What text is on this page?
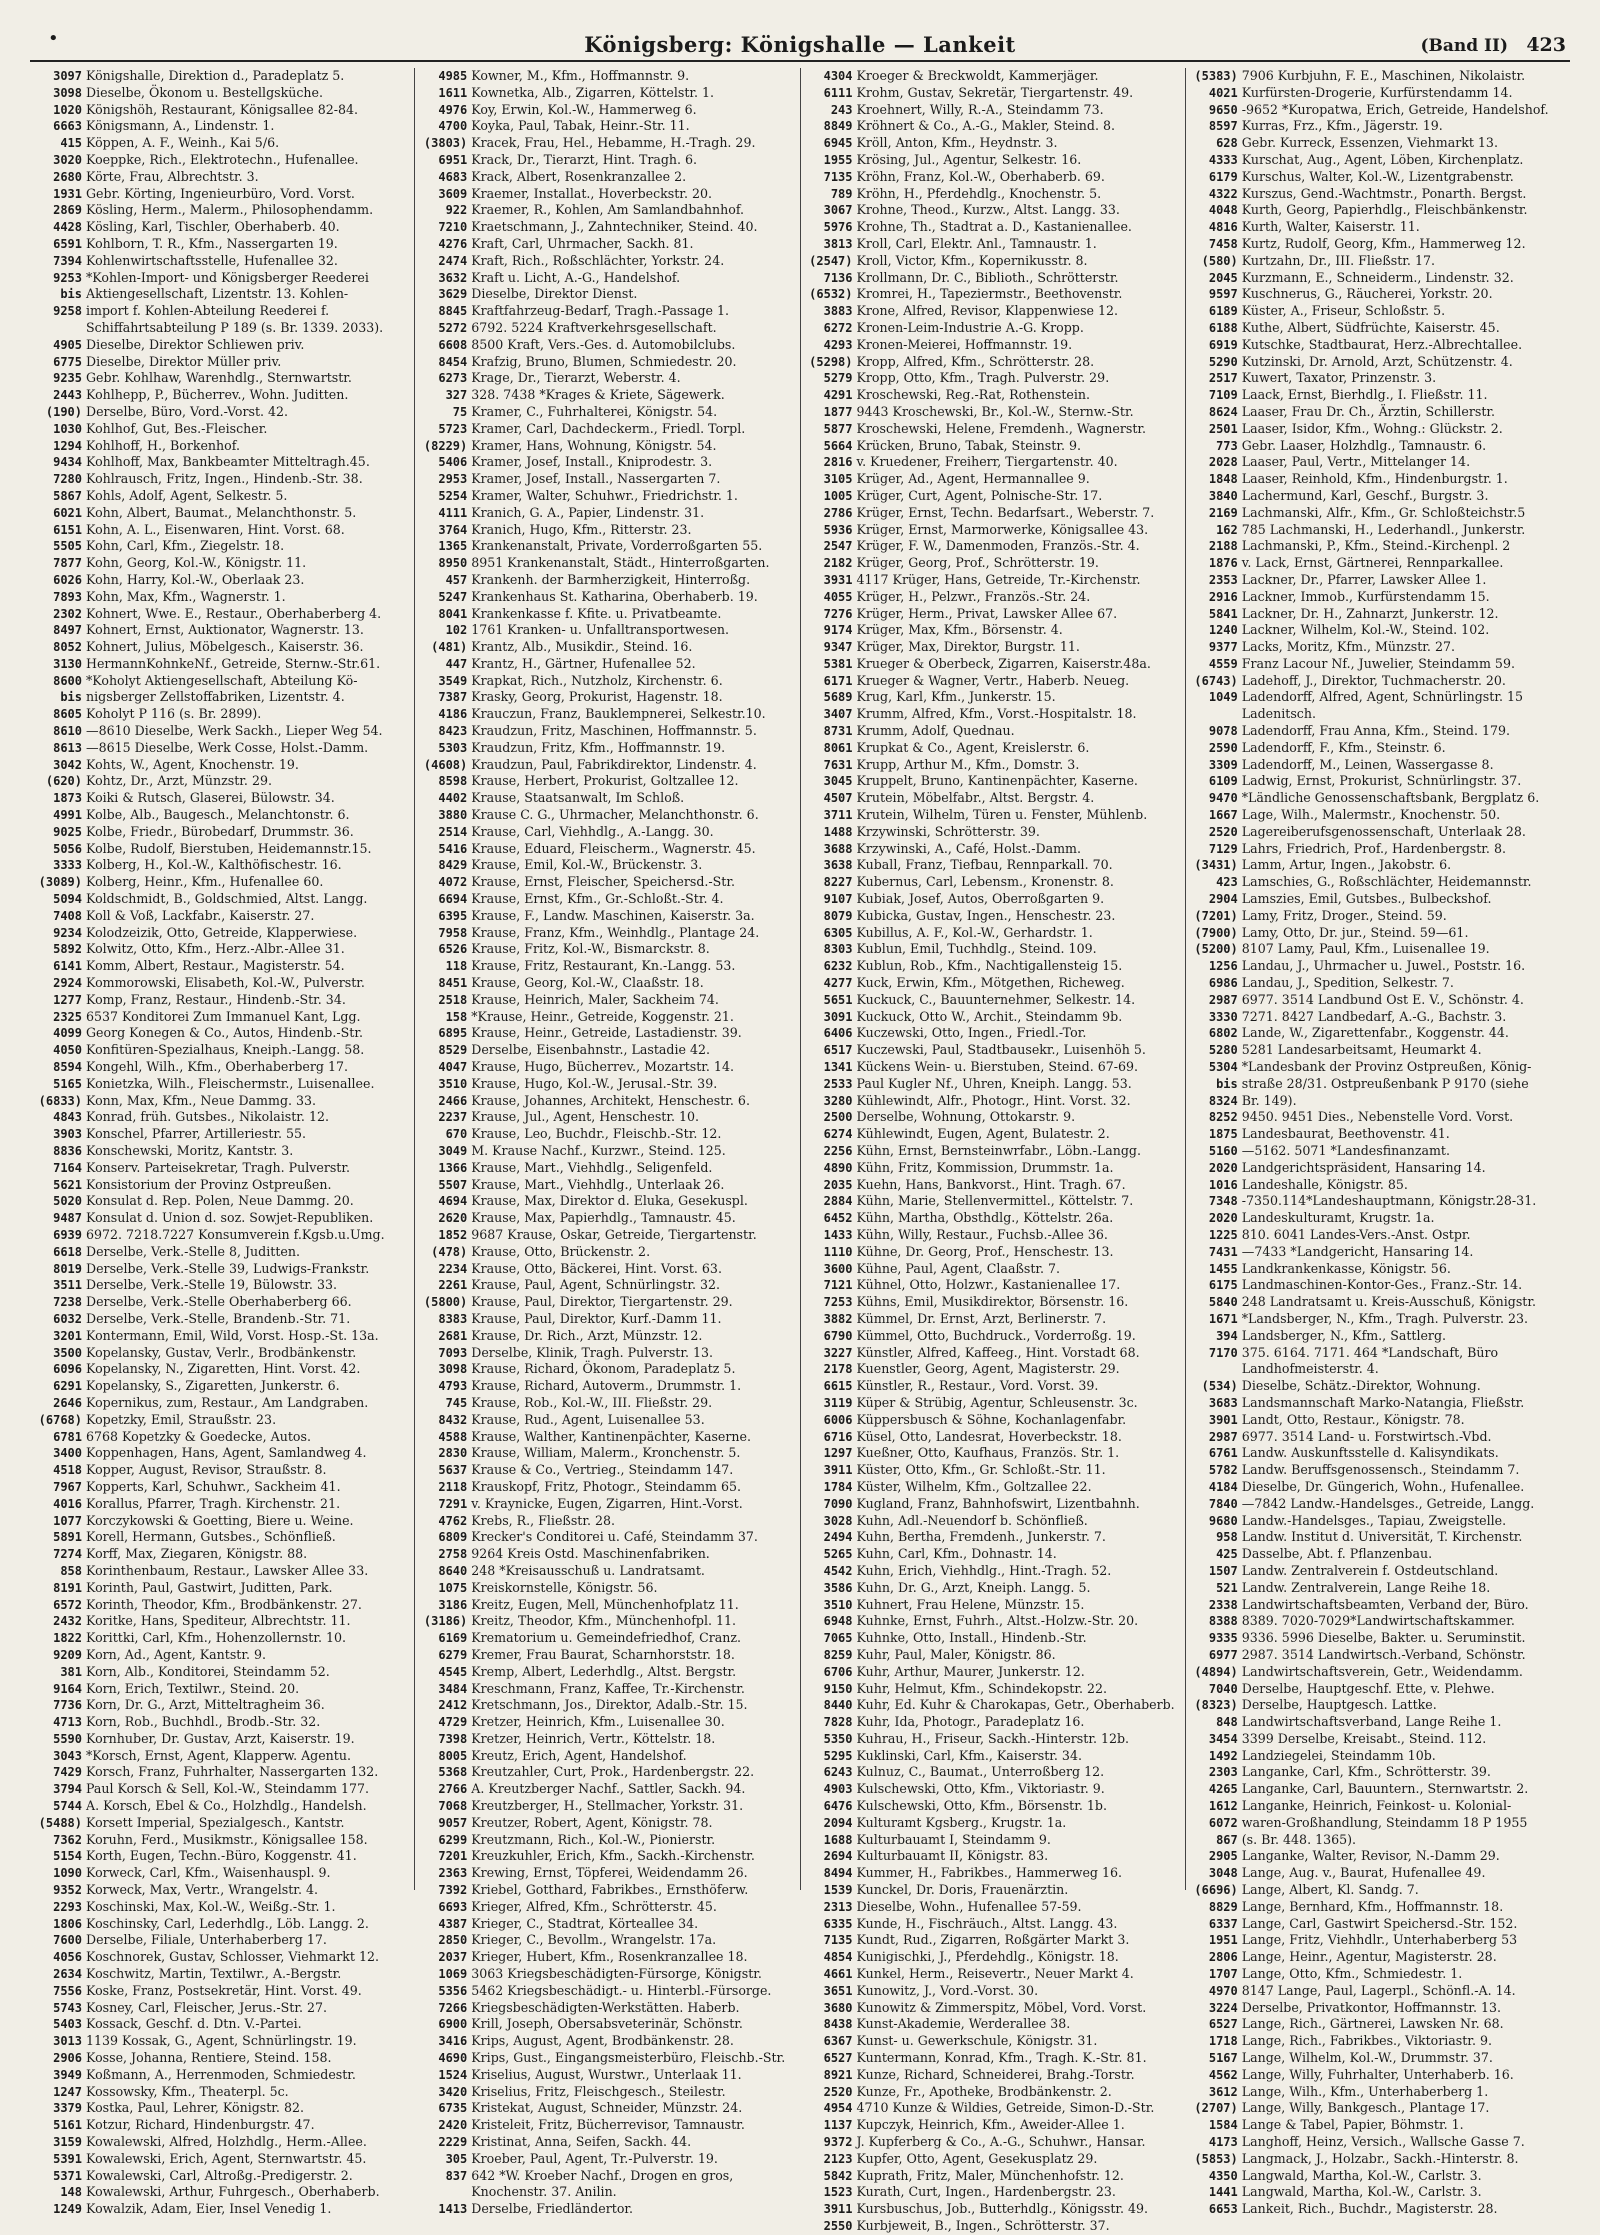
•	Königsberg: Königshalle — Lankeit	(Band II) 423
3097 Königshalle, Direktion d., Paradeplatz 5.
3098 Dieselbe, Ökonom u. Bestellgsküche.
1020 Königshöh, Restaurant, Königsallee 82-84.
6663 Königsmann, A., Lindenstr. 1.
415 Köppen, A. F., Weinh., Kai 5/6.
3020 Koeppke, Rich., Elektrotechn., Hufenallee.
2680 Körte, Frau, Albrechtstr. 3.
1931 Gebr. Körting, Ingenieurbüro, Vord. Vorst.
2869 Kösling, Herm., Malerm., Philosophendamm.
4428 Kösling, Karl, Tischler, Oberhaberb. 40.
6591 Kohlborn, T. R., Kfm., Nassergarten 19.
7394 Kohlenwirtschaftsstelle, Hufenallee 32.
9253 *Kohlen-Import- und Königsberger Reederei
bis Aktiengesellschaft, Lizentstr. 13. Kohlen-
9258 import f. Kohlen-Abteilung Reederei f.
Schiffahrtsabteilung P 189 (s. Br. 1339. 2033).
4905 Dieselbe, Direktor Schliewen priv.
6775 Dieselbe, Direktor Müller priv.
9235 Gebr. Kohlhaw, Warenhdlg., Sternwartstr.
2443 Kohlhepp, P., Bücherrev., Wohn. Juditten.
(190) Derselbe, Büro, Vord.-Vorst. 42.
1030 Kohlhof, Gut, Bes.-Fleischer.
1294 Kohlhoff, H., Borkenhof.
9434 Kohlhoff, Max, Bankbeamter Mitteltragh.45.
7280 Kohlrausch, Fritz, Ingen., Hindenb.-Str. 38.
5867 Kohls, Adolf, Agent, Selkestr. 5.
6021 Kohn, Albert, Baumat., Melanchthonstr. 5.
6151 Kohn, A. L., Eisenwaren, Hint. Vorst. 68.
5505 Kohn, Carl, Kfm., Ziegelstr. 18.
7877 Kohn, Georg, Kol.-W., Königstr. 11.
6026 Kohn, Harry, Kol.-W., Oberlaak 23.
7893 Kohn, Max, Kfm., Wagnerstr. 1.
2302 Kohnert, Wwe. E., Restaur., Oberhaberberg 4.
8497 Kohnert, Ernst, Auktionator, Wagnerstr. 13.
8052 Kohnert, Julius, Möbelgesch., Kaiserstr. 36.
3130 HermannKohnkeNf., Getreide, Sternw.-Str.61.
8600 *Koholyt Aktiengesellschaft, Abteilung Kö-
bis nigsberger Zellstoffabriken, Lizentstr. 4.
8605 Koholyt P 116 (s. Br. 2899).
8610 —8610 Dieselbe, Werk Sackh., Lieper Weg 54.
8613 —8615 Dieselbe, Werk Cosse, Holst.-Damm.
3042 Kohts, W., Agent, Knochenstr. 19.
(620) Kohtz, Dr., Arzt, Münzstr. 29.
1873 Koiki & Rutsch, Glaserei, Bülowstr. 34.
4991 Kolbe, Alb., Baugesch., Melanchtonstr. 6.
9025 Kolbe, Friedr., Bürobedarf, Drummstr. 36.
5056 Kolbe, Rudolf, Bierstuben, Heidemannstr.15.
3333 Kolberg, H., Kol.-W., Kalthöfischestr. 16.
(3089) Kolberg, Heinr., Kfm., Hufenallee 60.
5094 Koldschmidt, B., Goldschmied, Altst. Langg.
7408 Koll & Voß, Lackfabr., Kaiserstr. 27.
9234 Kolodzeizik, Otto, Getreide, Klapperwiese.
5892 Kolwitz, Otto, Kfm., Herz.-Albr.-Allee 31.
6141 Komm, Albert, Restaur., Magisterstr. 54.
2924 Kommorowski, Elisabeth, Kol.-W., Pulverstr.
1277 Komp, Franz, Restaur., Hindenb.-Str. 34.
2325 6537 Konditorei Zum Immanuel Kant, Lgg.
4099 Georg Konegen & Co., Autos, Hindenb.-Str.
4050 Konfitüren-Spezialhaus, Kneiph.-Langg. 58.
8594 Kongehl, Wilh., Kfm., Oberhaberberg 17.
5165 Konietzka, Wilh., Fleischermstr., Luisenallee.
(6833) Konn, Max, Kfm., Neue Dammg. 33.
4843 Konrad, früh. Gutsbes., Nikolaistr. 12.
3903 Konschel, Pfarrer, Artilleriestr. 55.
8836 Konschewski, Moritz, Kantstr. 3.
7164 Konserv. Parteisekretar, Tragh. Pulverstr.
5621 Konsistorium der Provinz Ostpreußen.
5020 Konsulat d. Rep. Polen, Neue Dammg. 20.
9487 Konsulat d. Union d. soz. Sowjet-Republiken.
6939 6972. 7218.7227 Konsumverein f.Kgsb.u.Umg.
6618 Derselbe, Verk.-Stelle 8, Juditten.
8019 Derselbe, Verk.-Stelle 39, Ludwigs-Frankstr.
3511 Derselbe, Verk.-Stelle 19, Bülowstr. 33.
7238 Derselbe, Verk.-Stelle Oberhaberberg 66.
6032 Derselbe, Verk.-Stelle, Brandenb.-Str. 71.
3201 Kontermann, Emil, Wild, Vorst. Hosp.-St. 13a.
3500 Kopelansky, Gustav, Verlr., Brodbänkenstr.
6096 Kopelansky, N., Zigaretten, Hint. Vorst. 42.
6291 Kopelansky, S., Zigaretten, Junkerstr. 6.
2646 Kopernikus, zum, Restaur., Am Landgraben.
(6768) Kopetzky, Emil, Straußstr. 23.
6781 6768 Kopetzky & Goedecke, Autos.
3400 Koppenhagen, Hans, Agent, Samlandweg 4.
4518 Kopper, August, Revisor, Straußstr. 8.
7967 Kopperts, Karl, Schuhwr., Sackheim 41.
4016 Korallus, Pfarrer, Tragh. Kirchenstr. 21.
1077 Korczykowski & Goetting, Biere u. Weine.
5891 Korell, Hermann, Gutsbes., Schönfließ.
7274 Korff, Max, Ziegaren, Königstr. 88.
858 Korinthenbaum, Restaur., Lawsker Allee 33.
8191 Korinth, Paul, Gastwirt, Juditten, Park.
6572 Korinth, Theodor, Kfm., Brodbänkenstr. 27.
2432 Koritke, Hans, Spediteur, Albrechtstr. 11.
1822 Korittki, Carl, Kfm., Hohenzollernstr. 10.
9209 Korn, Ad., Agent, Kantstr. 9.
381 Korn, Alb., Konditorei, Steindamm 52.
9164 Korn, Erich, Textilwr., Steind. 20.
7736 Korn, Dr. G., Arzt, Mitteltragheim 36.
4713 Korn, Rob., Buchhdl., Brodb.-Str. 32.
5590 Kornhuber, Dr. Gustav, Arzt, Kaiserstr. 19.
3043 *Korsch, Ernst, Agent, Klapperw. Agentu.
7429 Korsch, Franz, Fuhrhalter, Nassergarten 132.
3794 Paul Korsch & Sell, Kol.-W., Steindamm 177.
5744 A. Korsch, Ebel & Co., Holzhdlg., Handelsh.
(5488) Korsett Imperial, Spezialgesch., Kantstr.
7362 Koruhn, Ferd., Musikmstr., Königsallee 158.
5154 Korth, Eugen, Techn.-Büro, Koggenstr. 41.
1090 Korweck, Carl, Kfm., Waisenhauspl. 9.
9352 Korweck, Max, Vertr., Wrangelstr. 4.
2293 Koschinski, Max, Kol.-W., Weißg.-Str. 1.
1806 Koschinsky, Carl, Lederhdlg., Löb. Langg. 2.
7600 Derselbe, Filiale, Unterhaberberg 17.
4056 Koschnorek, Gustav, Schlosser, Viehmarkt 12.
2634 Koschwitz, Martin, Textilwr., A.-Bergstr.
7556 Koske, Franz, Postsekretär, Hint. Vorst. 49.
5743 Kosney, Carl, Fleischer, Jerus.-Str. 27.
5403 Kossack, Geschf. d. Dtn. V.-Partei.
3013 1139 Kossak, G., Agent, Schnürlingstr. 19.
2906 Kosse, Johanna, Rentiere, Steind. 158.
3949 Koßmann, A., Herrenmoden, Schmiedestr.
1247 Kossowsky, Kfm., Theaterpl. 5c.
3379 Kostka, Paul, Lehrer, Königstr. 82.
5161 Kotzur, Richard, Hindenburgstr. 47.
3159 Kowalewski, Alfred, Holzhdlg., Herm.-Allee.
5391 Kowalewski, Erich, Agent, Sternwartstr. 45.
5371 Kowalewski, Carl, Altroßg.-Predigerstr. 2.
148 Kowalewski, Arthur, Fuhrgesch., Oberhaberb.
1249 Kowalzik, Adam, Eier, Insel Venedig 1.
4985 Kowner, M., Kfm., Hoffmannstr. 9.
1611 Kownetka, Alb., Zigarren, Köttelstr. 1.
4976 Koy, Erwin, Kol.-W., Hammerweg 6.
4700 Koyka, Paul, Tabak, Heinr.-Str. 11.
(3803) Kracek, Frau, Hel., Hebamme, H.-Tragh. 29.
6951 Krack, Dr., Tierarzt, Hint. Tragh. 6.
4683 Krack, Albert, Rosenkranzallee 2.
3609 Kraemer, Installat., Hoverbeckstr. 20.
922 Kraemer, R., Kohlen, Am Samlandbahnhof.
7210 Kraetschmann, J., Zahntechniker, Steind. 40.
4276 Kraft, Carl, Uhrmacher, Sackh. 81.
2474 Kraft, Rich., Roßschlächter, Yorkstr. 24.
3632 Kraft u. Licht, A.-G., Handelshof.
3629 Dieselbe, Direktor Dienst.
8845 Kraftfahrzeug-Bedarf, Tragh.-Passage 1.
5272 6792. 5224 Kraftverkehrsgesellschaft.
6608 8500 Kraft, Vers.-Ges. d. Automobilclubs.
8454 Krafzig, Bruno, Blumen, Schmiedestr. 20.
6273 Krage, Dr., Tierarzt, Weberstr. 4.
327 328. 7438 *Krages & Kriete, Sägewerk.
75 Kramer, C., Fuhrhalterei, Königstr. 54.
5723 Kramer, Carl, Dachdeckerm., Friedl. Torpl.
(8229) Kramer, Hans, Wohnung, Königstr. 54.
5406 Kramer, Josef, Install., Kniprodestr. 3.
2953 Kramer, Josef, Install., Nassergarten 7.
5254 Kramer, Walter, Schuhwr., Friedrichstr. 1.
4111 Kranich, G. A., Papier, Lindenstr. 31.
3764 Kranich, Hugo, Kfm., Ritterstr. 23.
1365 Krankenanstalt, Private, Vorderroßgarten 55.
8950 8951 Krankenanstalt, Städt., Hinterroßgarten.
457 Krankenh. der Barmherzigkeit, Hinterroßg.
5247 Krankenhaus St. Katharina, Oberhaberb. 19.
8041 Krankenkasse f. Kfite. u. Privatbeamte.
102 1761 Kranken- u. Unfalltransportwesen.
(481) Krantz, Alb., Musikdir., Steind. 16.
447 Krantz, H., Gärtner, Hufenallee 52.
3549 Krapkat, Rich., Nutzholz, Kirchenstr. 6.
7387 Krasky, Georg, Prokurist, Hagenstr. 18.
4186 Krauczun, Franz, Bauklempnerei, Selkestr.10.
8423 Kraudzun, Fritz, Maschinen, Hoffmannstr. 5.
5303 Kraudzun, Fritz, Kfm., Hoffmannstr. 19.
(4608) Kraudzun, Paul, Fabrikdirektor, Lindenstr. 4.
8598 Krause, Herbert, Prokurist, Goltzallee 12.
4402 Krause, Staatsanwalt, Im Schloß.
3880 Krause C. G., Uhrmacher, Melanchthonstr. 6.
2514 Krause, Carl, Viehhdlg., A.-Langg. 30.
5416 Krause, Eduard, Fleischerm., Wagnerstr. 45.
8429 Krause, Emil, Kol.-W., Brückenstr. 3.
4072 Krause, Ernst, Fleischer, Speichersd.-Str.
6694 Krause, Ernst, Kfm., Gr.-Schloßt.-Str. 4.
6395 Krause, F., Landw. Maschinen, Kaiserstr. 3a.
7958 Krause, Franz, Kfm., Weinhdlg., Plantage 24.
6526 Krause, Fritz, Kol.-W., Bismarckstr. 8.
118 Krause, Fritz, Restaurant, Kn.-Langg. 53.
8451 Krause, Georg, Kol.-W., Claaßstr. 18.
2518 Krause, Heinrich, Maler, Sackheim 74.
158 *Krause, Heinr., Getreide, Koggenstr. 21.
6895 Krause, Heinr., Getreide, Lastadienstr. 39.
8529 Derselbe, Eisenbahnstr., Lastadie 42.
4047 Krause, Hugo, Bücherrev., Mozartstr. 14.
3510 Krause, Hugo, Kol.-W., Jerusal.-Str. 39.
2466 Krause, Johannes, Architekt, Henschestr. 6.
2237 Krause, Jul., Agent, Henschestr. 10.
670 Krause, Leo, Buchdr., Fleischb.-Str. 12.
3049 M. Krause Nachf., Kurzwr., Steind. 125.
1366 Krause, Mart., Viehhdlg., Seligenfeld.
5507 Krause, Mart., Viehhdlg., Unterlaak 26.
4694 Krause, Max, Direktor d. Eluka, Gesekuspl.
2620 Krause, Max, Papierhdlg., Tamnaustr. 45.
1852 9687 Krause, Oskar, Getreide, Tiergartenstr.
(478) Krause, Otto, Brückenstr. 2.
2234 Krause, Otto, Bäckerei, Hint. Vorst. 63.
2261 Krause, Paul, Agent, Schnürlingstr. 32.
(5800) Krause, Paul, Direktor, Tiergartenstr. 29.
8383 Krause, Paul, Direktor, Kurf.-Damm 11.
2681 Krause, Dr. Rich., Arzt, Münzstr. 12.
7093 Derselbe, Klinik, Tragh. Pulverstr. 13.
3098 Krause, Richard, Ökonom, Paradeplatz 5.
4793 Krause, Richard, Autoverm., Drummstr. 1.
745 Krause, Rob., Kol.-W., III. Fließstr. 29.
8432 Krause, Rud., Agent, Luisenallee 53.
4588 Krause, Walther, Kantinenpächter, Kaserne.
2830 Krause, William, Malerm., Kronchenstr. 5.
5637 Krause & Co., Vertrieg., Steindamm 147.
2118 Krauskopf, Fritz, Photogr., Steindamm 65.
7291 v. Kraynicke, Eugen, Zigarren, Hint.-Vorst.
4762 Krebs, R., Fließstr. 28.
6809 Krecker's Conditorei u. Café, Steindamm 37.
2758 9264 Kreis Ostd. Maschinenfabriken.
8640 248 *Kreisausschuß u. Landratsamt.
1075 Kreiskornstelle, Königstr. 56.
3186 Kreitz, Eugen, Mell, Münchenhofplatz 11.
(3186) Kreitz, Theodor, Kfm., Münchenhofpl. 11.
6169 Krematorium u. Gemeindefriedhof, Cranz.
6279 Kremer, Frau Baurat, Scharnhorststr. 18.
4545 Kremp, Albert, Lederhdlg., Altst. Bergstr.
3484 Kreschmann, Franz, Kaffee, Tr.-Kirchenstr.
2412 Kretschmann, Jos., Direktor, Adalb.-Str. 15.
4729 Kretzer, Heinrich, Kfm., Luisenallee 30.
7398 Kretzer, Heinrich, Vertr., Köttelstr. 18.
8005 Kreutz, Erich, Agent, Handelshof.
5368 Kreutzahler, Curt, Prok., Hardenbergstr. 22.
2766 A. Kreutzberger Nachf., Sattler, Sackh. 94.
7068 Kreutzberger, H., Stellmacher, Yorkstr. 31.
9057 Kreutzer, Robert, Agent, Königstr. 78.
6299 Kreutzmann, Rich., Kol.-W., Pionierstr.
7201 Kreuzkuhler, Erich, Kfm., Sackh.-Kirchenstr.
2363 Krewing, Ernst, Töpferei, Weidendamm 26.
7392 Kriebel, Gotthard, Fabrikbes., Ernsthöferw.
6693 Krieger, Alfred, Kfm., Schrötterstr. 45.
4387 Krieger, C., Stadtrat, Körteallee 34.
2850 Krieger, C., Bevollm., Wrangelstr. 17a.
2037 Krieger, Hubert, Kfm., Rosenkranzallee 18.
1069 3063 Kriegsbeschädigten-Fürsorge, Königstr.
5356 5462 Kriegsbeschädigt.- u. Hinterbl.-Fürsorge.
7266 Kriegsbeschädigten-Werkstätten. Haberb.
6900 Krill, Joseph, Obersabsveterinär, Schönstr.
3416 Krips, August, Agent, Brodbänkenstr. 28.
4690 Krips, Gust., Eingangsmeisterbüro, Fleischb.-Str.
1524 Kriselius, August, Wurstwr., Unterlaak 11.
3420 Kriselius, Fritz, Fleischgesch., Steilestr.
6735 Kristekat, August, Schneider, Münzstr. 24.
2420 Kristeleit, Fritz, Bücherrevisor, Tamnaustr.
2229 Kristinat, Anna, Seifen, Sackh. 44.
305 Kroeber, Paul, Agent, Tr.-Pulverstr. 19.
837 642 *W. Kroeber Nachf., Drogen en gros,
Knochenstr. 37. Anilin.
1413 Derselbe, Friedländertor.
4304 Kroeger & Breckwoldt, Kammerjäger.
6111 Krohm, Gustav, Sekretär, Tiergartenstr. 49.
243 Kroehnert, Willy, R.-A., Steindamm 73.
8849 Kröhnert & Co., A.-G., Makler, Steind. 8.
6945 Kröll, Anton, Kfm., Heydnstr. 3.
1955 Krösing, Jul., Agentur, Selkestr. 16.
7135 Kröhn, Franz, Kol.-W., Oberhaberb. 69.
789 Kröhn, H., Pferdehdlg., Knochenstr. 5.
3067 Krohne, Theod., Kurzw., Altst. Langg. 33.
5976 Krohne, Th., Stadtrat a. D., Kastanienallee.
3813 Kroll, Carl, Elektr. Anl., Tamnaustr. 1.
(2547) Kroll, Victor, Kfm., Kopernikusstr. 8.
7136 Krollmann, Dr. C., Biblioth., Schrötterstr.
(6532) Kromrei, H., Tapeziermstr., Beethovenstr.
3883 Krone, Alfred, Revisor, Klappenwiese 12.
6272 Kronen-Leim-Industrie A.-G. Kropp.
4293 Kronen-Meierei, Hoffmannstr. 19.
(5298) Kropp, Alfred, Kfm., Schrötterstr. 28.
5279 Kropp, Otto, Kfm., Tragh. Pulverstr. 29.
4291 Kroschewski, Reg.-Rat, Rothenstein.
1877 9443 Kroschewski, Br., Kol.-W., Sternw.-Str.
5877 Kroschewski, Helene, Fremdenh., Wagnerstr.
5664 Krücken, Bruno, Tabak, Steinstr. 9.
2816 v. Kruedener, Freiherr, Tiergartenstr. 40.
3105 Krüger, Ad., Agent, Hermannallee 9.
1005 Krüger, Curt, Agent, Polnische-Str. 17.
2786 Krüger, Ernst, Techn. Bedarfsart., Weberstr. 7.
5936 Krüger, Ernst, Marmorwerke, Königsallee 43.
2547 Krüger, F. W., Damenmoden, Französ.-Str. 4.
2182 Krüger, Georg, Prof., Schrötterstr. 19.
3931 4117 Krüger, Hans, Getreide, Tr.-Kirchenstr.
4055 Krüger, H., Pelzwr., Französ.-Str. 24.
7276 Krüger, Herm., Privat, Lawsker Allee 67.
9174 Krüger, Max, Kfm., Börsenstr. 4.
9347 Krüger, Max, Direktor, Burgstr. 11.
5381 Krueger & Oberbeck, Zigarren, Kaiserstr.48a.
6171 Krueger & Wagner, Vertr., Haberb. Neueg.
5689 Krug, Karl, Kfm., Junkerstr. 15.
3407 Krumm, Alfred, Kfm., Vorst.-Hospitalstr. 18.
8731 Krumm, Adolf, Quednau.
8061 Krupkat & Co., Agent, Kreislerstr. 6.
7631 Krupp, Arthur M., Kfm., Domstr. 3.
3045 Kruppelt, Bruno, Kantinenpächter, Kaserne.
4507 Krutein, Möbelfabr., Altst. Bergstr. 4.
3711 Krutein, Wilhelm, Türen u. Fenster, Mühlenb.
1488 Krzywinski, Schrötterstr. 39.
3688 Krzywinski, A., Café, Holst.-Damm.
3638 Kuball, Franz, Tiefbau, Rennparkall. 70.
8227 Kubernus, Carl, Lebensm., Kronenstr. 8.
9107 Kubiak, Josef, Autos, Oberroßgarten 9.
8079 Kubicka, Gustav, Ingen., Henschestr. 23.
6305 Kubillus, A. F., Kol.-W., Gerhardstr. 1.
8303 Kublun, Emil, Tuchhdlg., Steind. 109.
6232 Kublun, Rob., Kfm., Nachtigallensteig 15.
4277 Kuck, Erwin, Kfm., Mötgethen, Richeweg.
5651 Kuckuck, C., Bauunternehmer, Selkestr. 14.
3091 Kuckuck, Otto W., Archit., Steindamm 9b.
6406 Kuczewski, Otto, Ingen., Friedl.-Tor.
6517 Kuczewski, Paul, Stadtbausekr., Luisenhöh 5.
1341 Kückens Wein- u. Bierstuben, Steind. 67-69.
2533 Paul Kugler Nf., Uhren, Kneiph. Langg. 53.
3280 Kühlewindt, Alfr., Photogr., Hint. Vorst. 32.
2500 Derselbe, Wohnung, Ottokarstr. 9.
6274 Kühlewindt, Eugen, Agent, Bulatestr. 2.
2256 Kühn, Ernst, Bernsteinwrfabr., Löbn.-Langg.
4890 Kühn, Fritz, Kommission, Drummstr. 1a.
2035 Kuehn, Hans, Bankvorst., Hint. Tragh. 67.
2884 Kühn, Marie, Stellenvermittel., Köttelstr. 7.
6452 Kühn, Martha, Obsthdlg., Köttelstr. 26a.
1433 Kühn, Willy, Restaur., Fuchsb.-Allee 36.
1110 Kühne, Dr. Georg, Prof., Henschestr. 13.
3600 Kühne, Paul, Agent, Claaßstr. 7.
7121 Kühnel, Otto, Holzwr., Kastanienallee 17.
7253 Kühns, Emil, Musikdirektor, Börsenstr. 16.
3882 Kümmel, Dr. Ernst, Arzt, Berlinerstr. 7.
6790 Kümmel, Otto, Buchdruck., Vorderroßg. 19.
3227 Künstler, Alfred, Kaffeeg., Hint. Vorstadt 68.
2178 Kuenstler, Georg, Agent, Magisterstr. 29.
6615 Künstler, R., Restaur., Vord. Vorst. 39.
3119 Küper & Strübig, Agentur, Schleusenstr. 3c.
6006 Küppersbusch & Söhne, Kochanlagenfabr.
6716 Küsel, Otto, Landesrat, Hoverbeckstr. 18.
1297 Kueßner, Otto, Kaufhaus, Französ. Str. 1.
3911 Küster, Otto, Kfm., Gr. Schloßt.-Str. 11.
1784 Küster, Wilhelm, Kfm., Goltzallee 22.
7090 Kugland, Franz, Bahnhofswirt, Lizentbahnh.
3028 Kuhn, Adl.-Neuendorf b. Schönfließ.
2494 Kuhn, Bertha, Fremdenh., Junkerstr. 7.
5265 Kuhn, Carl, Kfm., Dohnastr. 14.
4542 Kuhn, Erich, Viehhdlg., Hint.-Tragh. 52.
3586 Kuhn, Dr. G., Arzt, Kneiph. Langg. 5.
3510 Kuhnert, Frau Helene, Münzstr. 15.
6948 Kuhnke, Ernst, Fuhrh., Altst.-Holzw.-Str. 20.
7065 Kuhnke, Otto, Install., Hindenb.-Str.
8259 Kuhr, Paul, Maler, Königstr. 86.
6706 Kuhr, Arthur, Maurer, Junkerstr. 12.
9150 Kuhr, Helmut, Kfm., Schindekopstr. 22.
8440 Kuhr, Ed. Kuhr & Charokapas, Getr., Oberhaberb.
7828 Kuhr, Ida, Photogr., Paradeplatz 16.
5350 Kuhrau, H., Friseur, Sackh.-Hinterstr. 12b.
5295 Kuklinski, Carl, Kfm., Kaiserstr. 34.
6243 Kulnuz, C., Baumat., Unterroßberg 12.
4903 Kulschewski, Otto, Kfm., Viktoriastr. 9.
6476 Kulschewski, Otto, Kfm., Börsenstr. 1b.
2094 Kulturamt Kgsberg., Krugstr. 1a.
1688 Kulturbauamt I, Steindamm 9.
2694 Kulturbauamt II, Königstr. 83.
8494 Kummer, H., Fabrikbes., Hammerweg 16.
1539 Kunckel, Dr. Doris, Frauenärztin.
2313 Dieselbe, Wohn., Hufenallee 57-59.
6335 Kunde, H., Fischräuch., Altst. Langg. 43.
7135 Kundt, Rud., Zigarren, Roßgärter Markt 3.
4854 Kunigischki, J., Pferdehdlg., Königstr. 18.
4661 Kunkel, Herm., Reisevertr., Neuer Markt 4.
3651 Kunowitz, J., Vord.-Vorst. 30.
3680 Kunowitz & Zimmerspitz, Möbel, Vord. Vorst.
8438 Kunst-Akademie, Werderallee 38.
6367 Kunst- u. Gewerkschule, Königstr. 31.
6527 Kuntermann, Konrad, Kfm., Tragh. K.-Str. 81.
8921 Kunze, Richard, Schneiderei, Brahg.-Torstr.
2520 Kunze, Fr., Apotheke, Brodbänkenstr. 2.
4954 4710 Kunze & Wildies, Getreide, Simon-D.-Str.
1137 Kupczyk, Heinrich, Kfm., Aweider-Allee 1.
9372 J. Kupferberg & Co., A.-G., Schuhwr., Hansar.
2123 Kupfer, Otto, Agent, Gesekusplatz 29.
5842 Kuprath, Fritz, Maler, Münchenhofstr. 12.
1523 Kurath, Curt, Ingen., Hardenbergstr. 23.
3911 Kursbuschus, Job., Butterhdlg., Königsstr. 49.
2550 Kurbjeweit, B., Ingen., Schrötterstr. 37.
(5383) 7906 Kurbjuhn, F. E., Maschinen, Nikolaistr.
4021 Kurfürsten-Drogerie, Kurfürstendamm 14.
9650 -9652 *Kuropatwa, Erich, Getreide, Handelshof.
8597 Kurras, Frz., Kfm., Jägerstr. 19.
628 Gebr. Kurreck, Essenzen, Viehmarkt 13.
4333 Kurschat, Aug., Agent, Löben, Kirchenplatz.
6179 Kurschus, Walter, Kol.-W., Lizentgrabenstr.
4322 Kurszus, Gend.-Wachtmstr., Ponarth. Bergst.
4048 Kurth, Georg, Papierhdlg., Fleischbänkenstr.
4816 Kurth, Walter, Kaiserstr. 11.
7458 Kurtz, Rudolf, Georg, Kfm., Hammerweg 12.
(580) Kurtzahn, Dr., III. Fließstr. 17.
2045 Kurzmann, E., Schneiderm., Lindenstr. 32.
9597 Kuschnerus, G., Räucherei, Yorkstr. 20.
6189 Küster, A., Friseur, Schloßstr. 5.
6188 Kuthe, Albert, Südfrüchte, Kaiserstr. 45.
6919 Kutschke, Stadtbaurat, Herz.-Albrechtallee.
5290 Kutzinski, Dr. Arnold, Arzt, Schützenstr. 4.
2517 Kuwert, Taxator, Prinzenstr. 3.
7109 Laack, Ernst, Bierhdlg., I. Fließstr. 11.
8624 Laaser, Frau Dr. Ch., Ärztin, Schillerstr.
2501 Laaser, Isidor, Kfm., Wohng.: Glückstr. 2.
773 Gebr. Laaser, Holzhdlg., Tamnaustr. 6.
2028 Laaser, Paul, Vertr., Mittelanger 14.
1848 Laaser, Reinhold, Kfm., Hindenburgstr. 1.
3840 Lachermund, Karl, Geschf., Burgstr. 3.
2169 Lachmanski, Alfr., Kfm., Gr. Schloßteichstr.5
162 785 Lachmanski, H., Lederhandl., Junkerstr.
2188 Lachmanski, P., Kfm., Steind.-Kirchenpl. 2
1876 v. Lack, Ernst, Gärtnerei, Rennparkallee.
2353 Lackner, Dr., Pfarrer, Lawsker Allee 1.
2916 Lackner, Immob., Kurfürstendamm 15.
5841 Lackner, Dr. H., Zahnarzt, Junkerstr. 12.
1240 Lackner, Wilhelm, Kol.-W., Steind. 102.
9377 Lacks, Moritz, Kfm., Münzstr. 27.
4559 Franz Lacour Nf., Juwelier, Steindamm 59.
(6743) Ladehoff, J., Direktor, Tuchmacherstr. 20.
1049 Ladendorff, Alfred, Agent, Schnürlingstr. 15
Ladenitsch.
9078 Ladendorff, Frau Anna, Kfm., Steind. 179.
2590 Ladendorff, F., Kfm., Steinstr. 6.
3309 Ladendorff, M., Leinen, Wassergasse 8.
6109 Ladwig, Ernst, Prokurist, Schnürlingstr. 37.
9470 *Ländliche Genossenschaftsbank, Bergplatz 6.
1667 Lage, Wilh., Malermstr., Knochenstr. 50.
2520 Lagereiberufsgenossenschaft, Unterlaak 28.
7129 Lahrs, Friedrich, Prof., Hardenbergstr. 8.
(3431) Lamm, Artur, Ingen., Jakobstr. 6.
423 Lamschies, G., Roßschlächter, Heidemannstr.
2904 Lamszies, Emil, Gutsbes., Bulbeckshof.
(7201) Lamy, Fritz, Droger., Steind. 59.
(7900) Lamy, Otto, Dr. jur., Steind. 59—61.
(5200) 8107 Lamy, Paul, Kfm., Luisenallee 19.
1256 Landau, J., Uhrmacher u. Juwel., Poststr. 16.
6986 Landau, J., Spedition, Selkestr. 7.
2987 6977. 3514 Landbund Ost E. V., Schönstr. 4.
3330 7271. 8427 Landbedarf, A.-G., Bachstr. 3.
6802 Lande, W., Zigarettenfabr., Koggenstr. 44.
5280 5281 Landesarbeitsamt, Heumarkt 4.
5304 *Landesbank der Provinz Ostpreußen, König-
bis straße 28/31. Ostpreußenbank P 9170 (siehe
8324 Br. 149).
8252 9450. 9451 Dies., Nebenstelle Vord. Vorst.
1875 Landesbaurat, Beethovenstr. 41.
5160 —5162. 5071 *Landesfinanzamt.
2020 Landgerichtspräsident, Hansaring 14.
1016 Landeshalle, Königstr. 85.
7348 -7350.114*Landeshauptmann, Königstr.28-31.
2020 Landeskulturamt, Krugstr. 1a.
1225 810. 6041 Landes-Vers.-Anst. Ostpr.
7431 —7433 *Landgericht, Hansaring 14.
1455 Landkrankenkasse, Königstr. 56.
6175 Landmaschinen-Kontor-Ges., Franz.-Str. 14.
5840 248 Landratsamt u. Kreis-Ausschuß, Königstr.
1671 *Landsberger, N., Kfm., Tragh. Pulverstr. 23.
394 Landsberger, N., Kfm., Sattlerg.
7170 375. 6164. 7171. 464 *Landschaft, Büro
Landhofmeisterstr. 4.
(534) Dieselbe, Schätz.-Direktor, Wohnung.
3683 Landsmannschaft Marko-Natangia, Fließstr.
3901 Landt, Otto, Restaur., Königstr. 78.
2987 6977. 3514 Land- u. Forstwirtsch.-Vbd.
6761 Landw. Auskunftsstelle d. Kalisyndikats.
5782 Landw. Beruffsgenossensch., Steindamm 7.
4184 Dieselbe, Dr. Güngerich, Wohn., Hufenallee.
7840 —7842 Landw.-Handelsges., Getreide, Langg.
9680 Landw.-Handelsges., Tapiau, Zweigstelle.
958 Landw. Institut d. Universität, T. Kirchenstr.
425 Dasselbe, Abt. f. Pflanzenbau.
1507 Landw. Zentralverein f. Ostdeutschland.
521 Landw. Zentralverein, Lange Reihe 18.
2338 Landwirtschaftsbeamten, Verband der, Büro.
8388 8389. 7020-7029*Landwirtschaftskammer.
9335 9336. 5996 Dieselbe, Bakter. u. Seruminstit.
6977 2987. 3514 Landwirtsch.-Verband, Schönstr.
(4894) Landwirtschaftsverein, Getr., Weidendamm.
7040 Derselbe, Hauptgeschf. Ette, v. Plehwe.
(8323) Derselbe, Hauptgesch. Lattke.
848 Landwirtschaftsverband, Lange Reihe 1.
3454 3399 Derselbe, Kreisabt., Steind. 112.
1492 Landziegelei, Steindamm 10b.
2303 Langanke, Carl, Kfm., Schrötterstr. 39.
4265 Langanke, Carl, Bauuntern., Sternwartstr. 2.
1612 Langanke, Heinrich, Feinkost- u. Kolonial-
6072 waren-Großhandlung, Steindamm 18 P 1955
867 (s. Br. 448. 1365).
2905 Langanke, Walter, Revisor, N.-Damm 29.
3048 Lange, Aug. v., Baurat, Hufenallee 49.
(6696) Lange, Albert, Kl. Sandg. 7.
8829 Lange, Bernhard, Kfm., Hoffmannstr. 18.
6337 Lange, Carl, Gastwirt Speichersd.-Str. 152.
1951 Lange, Fritz, Viehhdlr., Unterhaberberg 53
2806 Lange, Heinr., Agentur, Magisterstr. 28.
1707 Lange, Otto, Kfm., Schmiedestr. 1.
4970 8147 Lange, Paul, Lagerpl., Schönfl.-A. 14.
3224 Derselbe, Privatkontor, Hoffmannstr. 13.
6527 Lange, Rich., Gärtnerei, Lawsken Nr. 68.
1718 Lange, Rich., Fabrikbes., Viktoriastr. 9.
5167 Lange, Wilhelm, Kol.-W., Drummstr. 37.
4562 Lange, Willy, Fuhrhalter, Unterhaberb. 16.
3612 Lange, Wilh., Kfm., Unterhaberberg 1.
(2707) Lange, Willy, Bankgesch., Plantage 17.
1584 Lange & Tabel, Papier, Böhmstr. 1.
4173 Langhoff, Heinz, Versich., Wallsche Gasse 7.
(5853) Langmack, J., Holzabr., Sackh.-Hinterstr. 8.
4350 Langwald, Martha, Kol.-W., Carlstr. 3.
1441 Langwald, Martha, Kol.-W., Carlstr. 3.
6653 Lankeit, Rich., Buchdr., Magisterstr. 28.
